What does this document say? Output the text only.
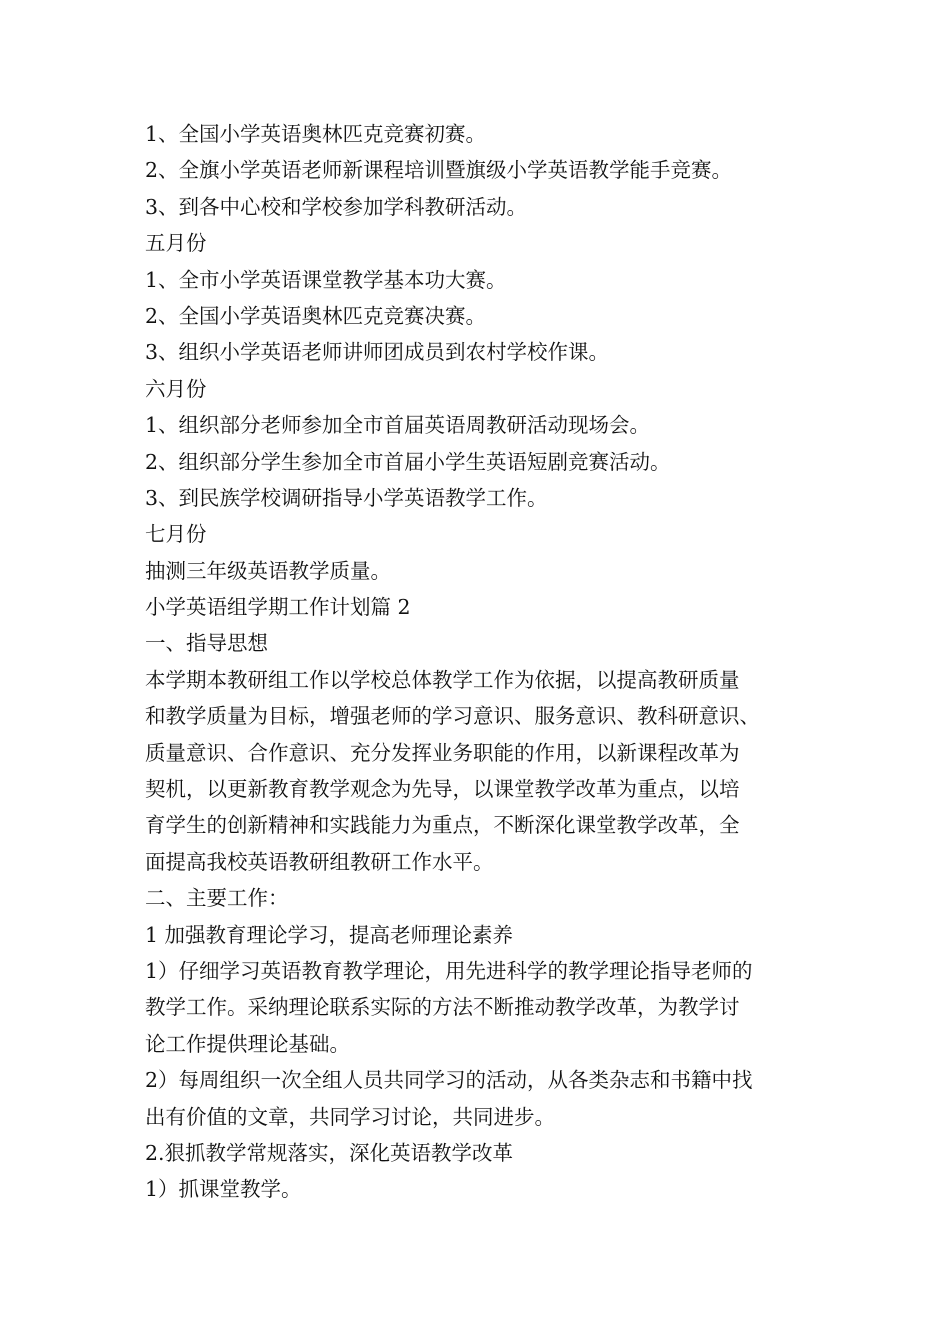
1、全国小学英语奥林匹克竞赛初赛。

2、全旗小学英语老师新课程培训暨旗级小学英语教学能手竞赛。

3、到各中心校和学校参加学科教研活动。

五月份

1、全市小学英语课堂教学基本功大赛。

2、全国小学英语奥林匹克竞赛决赛。

3、组织小学英语老师讲师团成员到农村学校作课。

六月份

1、组织部分老师参加全市首届英语周教研活动现场会。

2、组织部分学生参加全市首届小学生英语短剧竞赛活动。

3、到民族学校调研指导小学英语教学工作。

七月份

抽测三年级英语教学质量。

小学英语组学期工作计划篇 2

一、指导思想

本学期本教研组工作以学校总体教学工作为依据，以提高教研质量

和教学质量为目标，增强老师的学习意识、服务意识、教科研意识、

质量意识、合作意识、充分发挥业务职能的作用，以新课程改革为

契机，以更新教育教学观念为先导，以课堂教学改革为重点，以培

育学生的创新精神和实践能力为重点，不断深化课堂教学改革，全

面提高我校英语教研组教研工作水平。

二、主要工作：

1 加强教育理论学习，提高老师理论素养

1）仔细学习英语教育教学理论，用先进科学的教学理论指导老师的

教学工作。采纳理论联系实际的方法不断推动教学改革，为教学讨

论工作提供理论基础。

2）每周组织一次全组人员共同学习的活动，从各类杂志和书籍中找

出有价值的文章，共同学习讨论，共同进步。

2.狠抓教学常规落实，深化英语教学改革

1）抓课堂教学。
